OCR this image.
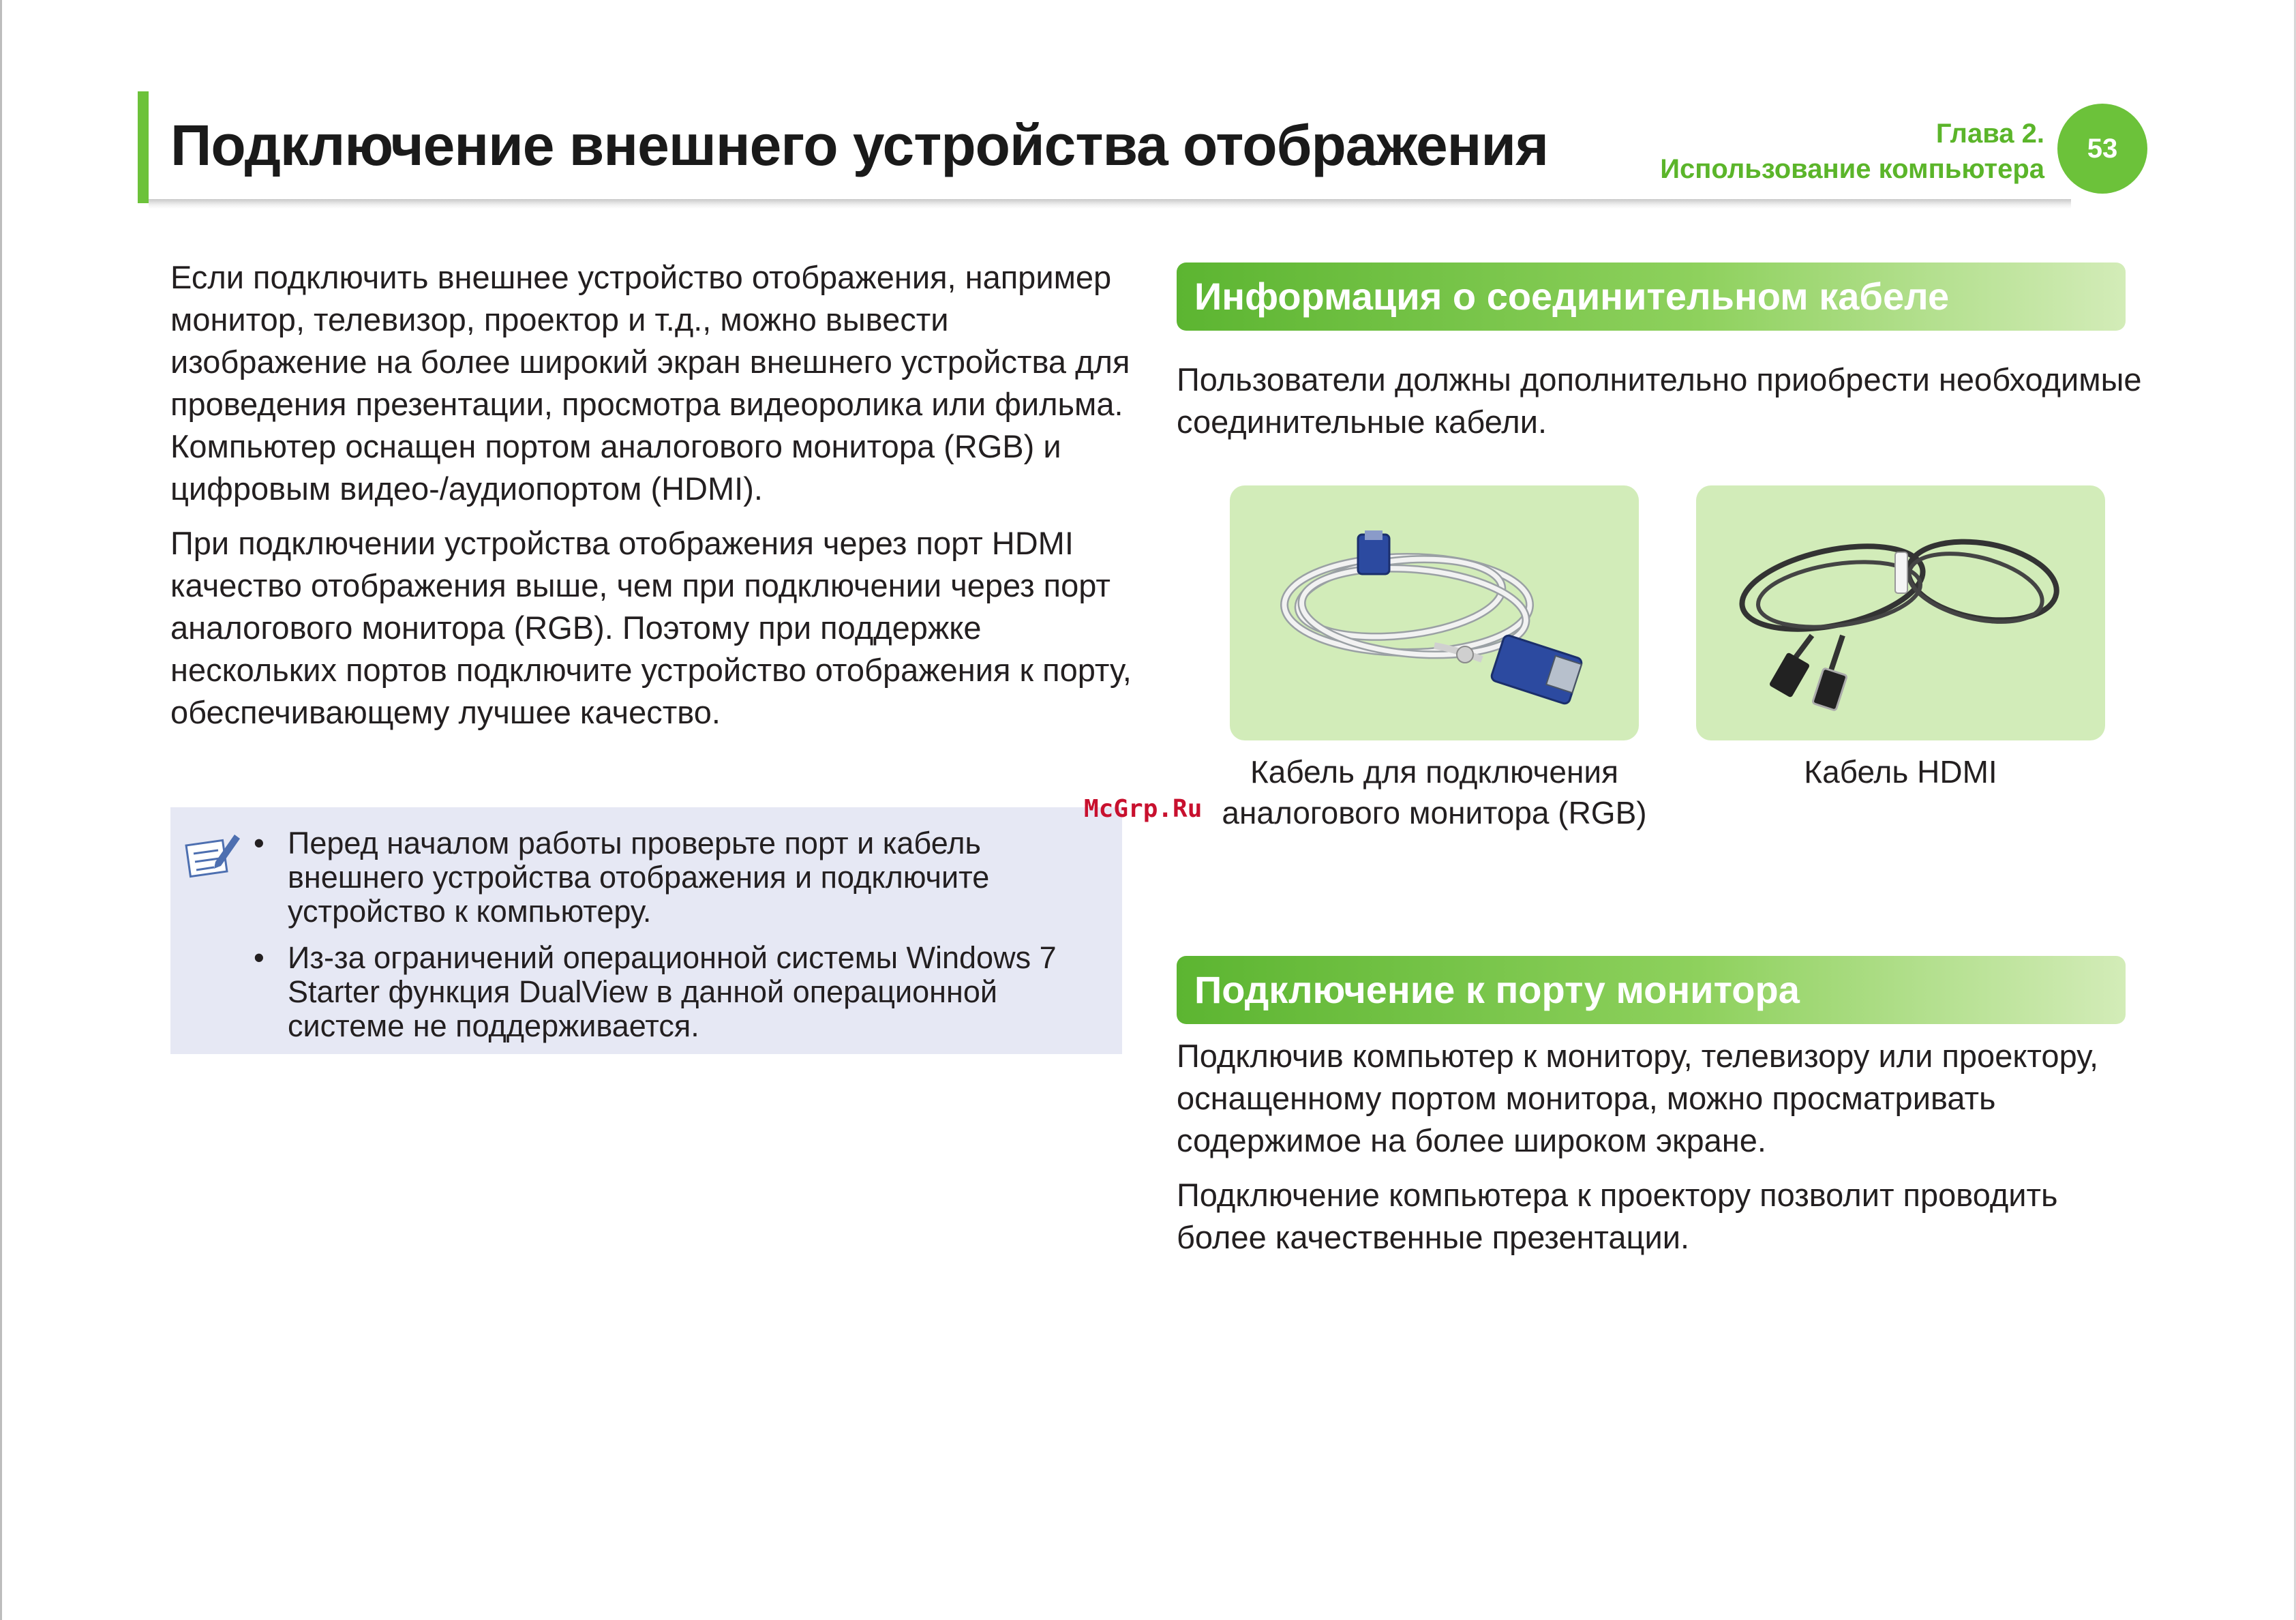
Подключение внешнего устройства отображения	Глава 2.
Использование компьютера
53

Если подключить внешнее устройство отображения, например монитор, телевизор, проектор и т.д., можно вывести изображение на более широкий экран внешнего устройства для проведения презентации, просмотра видеоролика или фильма. Компьютер оснащен портом аналогового монитора (RGB) и цифровым видео-/аудиопортом (HDMI).

При подключении устройства отображения через порт HDMI качество отображения выше, чем при подключении через порт аналогового монитора (RGB). Поэтому при поддержке нескольких портов подключите устройство отображения к порту, обеспечивающему лучшее качество.

• Перед началом работы проверьте порт и кабель внешнего устройства отображения и подключите устройство к компьютеру.
• Из-за ограничений операционной системы Windows 7 Starter функция DualView в данной операционной системе не поддерживается.
Информация о соединительном кабеле

Пользователи должны дополнительно приобрести необходимые соединительные кабели.

Кабель для подключения
аналогового монитора (RGB)
Кабель HDMI
McGrp.Ru
Подключение к порту монитора

Подключив компьютер к монитору, телевизору или проектору, оснащенному портом монитора, можно просматривать содержимое на более широком экране.

Подключение компьютера к проектору позволит проводить более качественные презентации.
